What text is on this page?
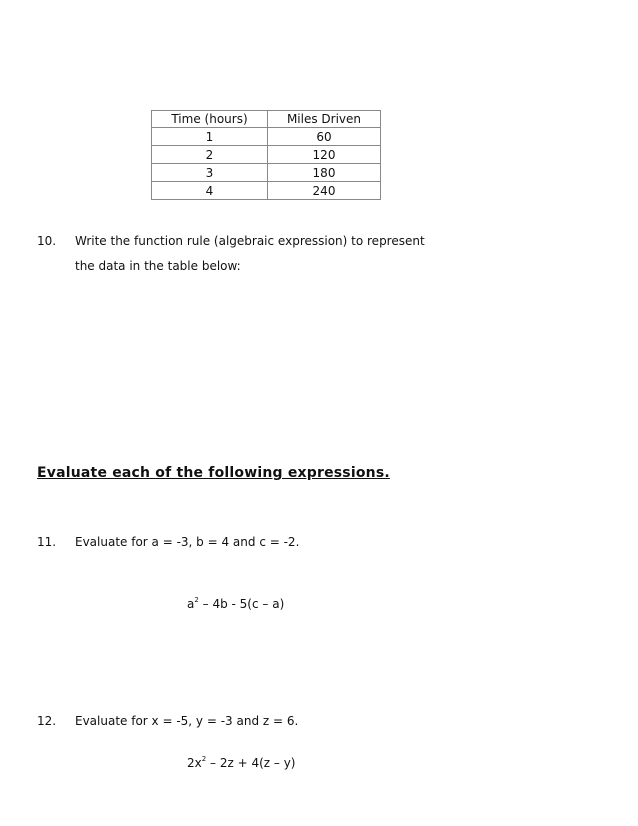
Time (hours)	Miles Driven
1	60
2	120
3	180
4	240
10. Write the function rule (algebraic expression) to represent
the data in the table below:
Evaluate each of the following expressions.
11. Evaluate for a = -3, b = 4 and c = -2.
$a^2 - 4b - 5(c - a)$
12. Evaluate for x = -5, y = -3 and z = 6.
$2x^2 - 2z + 4(z - y)$
